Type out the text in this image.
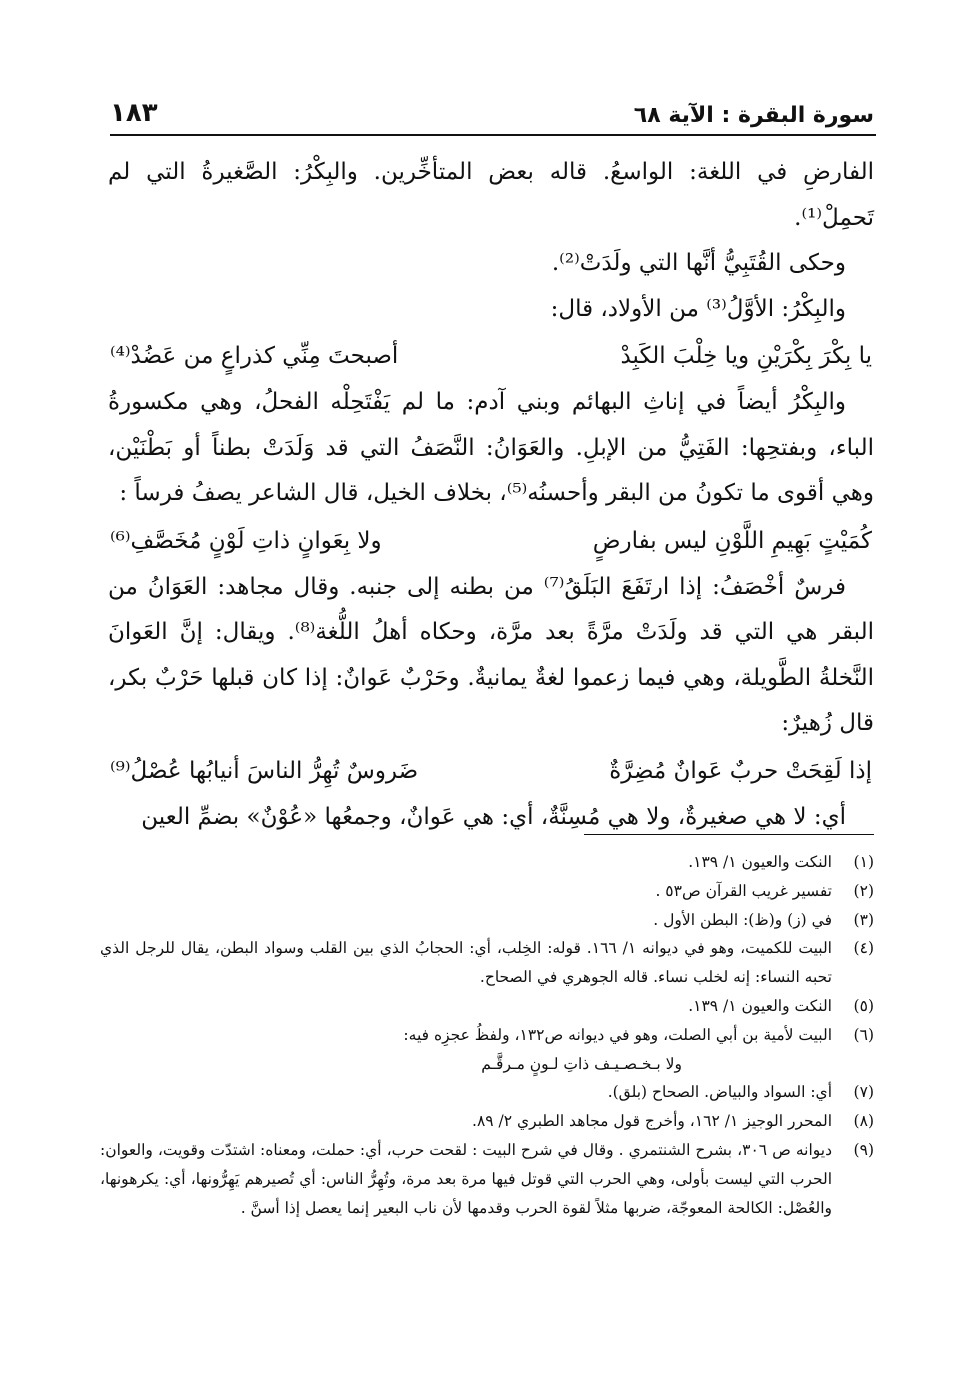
سورة البقرة : الآية ٦٨
١٨٣

الفارضِ في اللغة: الواسعُ. قاله بعض المتأخِّرين. والبِكْرُ: الصَّغيرةُ التي لم تَحمِلْ⁽¹⁾.

وحكى القُتَبِيُّ أنَّها التي ولَدَتْ⁽²⁾.

والبِكْرُ: الأوَّلُ⁽³⁾ من الأولاد، قال:

يا بِكْرَ بِكْرَيْنِ ويا خِلْبَ الكَبِدْ
أصبحتَ مِنِّي كذراعٍ من عَضُدْ⁽⁴⁾

والبِكْرُ أيضاً في إناثِ البهائم وبني آدم: ما لم يَفْتَحِلْه الفحلُ، وهي مكسورةُ الباء، وبفتحِها: الفَتِيُّ من الإبلِ. والعَوَانُ: النَّصَفُ التي قد وَلَدَتْ بطناً أو بَطْنَيْن، وهي أقوى ما تكونُ من البقر وأحسنُه⁽⁵⁾، بخلاف الخيل، قال الشاعر يصفُ فرساً :

كُمَيْتٍ بَهِيمِ اللَّوْنِ ليس بفارضٍ
ولا بِعَوانٍ ذاتِ لَوْنٍ مُخَصَّفِ⁽⁶⁾

فرسٌ أخْصَفُ: إذا ارتَفَعَ البَلَقُ⁽⁷⁾ من بطنه إلى جنبه. وقال مجاهد: العَوَانُ من البقر هي التي قد ولَدَتْ مرَّةً بعد مرَّة، وحكاه أهلُ اللُّغة⁽⁸⁾. ويقال: إنَّ العَوانَ النَّخلةُ الطَّويلة، وهي فيما زعموا لغةٌ يمانيةٌ. وحَرْبٌ عَوانٌ: إذا كان قبلها حَرْبٌ بكر، قال زُهيرٌ:

إذا لَقِحَتْ حربٌ عَوانٌ مُضِرَّةٌ
ضَروسٌ تُهِرُّ الناسَ أنيابُها عُصْلُ⁽⁹⁾

أي: لا هي صغيرةٌ، ولا هي مُسِنَّةٌ، أي: هي عَوانٌ، وجمعُها «عُوْنٌ» بضمِّ العين

(١)
النكت والعيون ١/ ١٣٩.
(٢)
تفسير غريب القرآن ص٥٣ .
(٣)
في (ز) و(ظ): البطن الأول .
(٤)
البيت للكميت، وهو في ديوانه ١/ ١٦٦. قوله: الخِلب، أي: الحجابُ الذي بين القلب وسواد البطن، يقال للرجل الذي تحبه النساء: إنه لخلب نساء. قاله الجوهري في الصحاح.
(٥)
النكت والعيون ١/ ١٣٩.
(٦)
البيت لأمية بن أبي الصلت، وهو في ديوانه ص١٣٢، ولفظُ عجزِه فيه:
ولا بـخـصـيـف ذاتِ لـونٍ مـرقَّـم
(٧)
أي: السواد والبياض. الصحاح (بلق).
(٨)
المحرر الوجيز ١/ ١٦٢، وأخرج قول مجاهد الطبري ٢/ ٨٩.
(٩)
ديوانه ص ٣٠٦، بشرح الشنتمري . وقال في شرح البيت : لقحت حرب، أي: حملت، ومعناه: اشتدّت وقويت، والعوان: الحرب التي ليست بأولى، وهي الحرب التي قوتل فيها مرة بعد مرة، وتُهِرُّ الناس: أي تُصيرهم يَهِرُّونها، أي: يكرهونها، والعُصْل: الكالحة المعوجّة، ضربها مثلاً لقوة الحرب وقدمها لأن ناب البعير إنما يعصل إذا أسنَّ .
